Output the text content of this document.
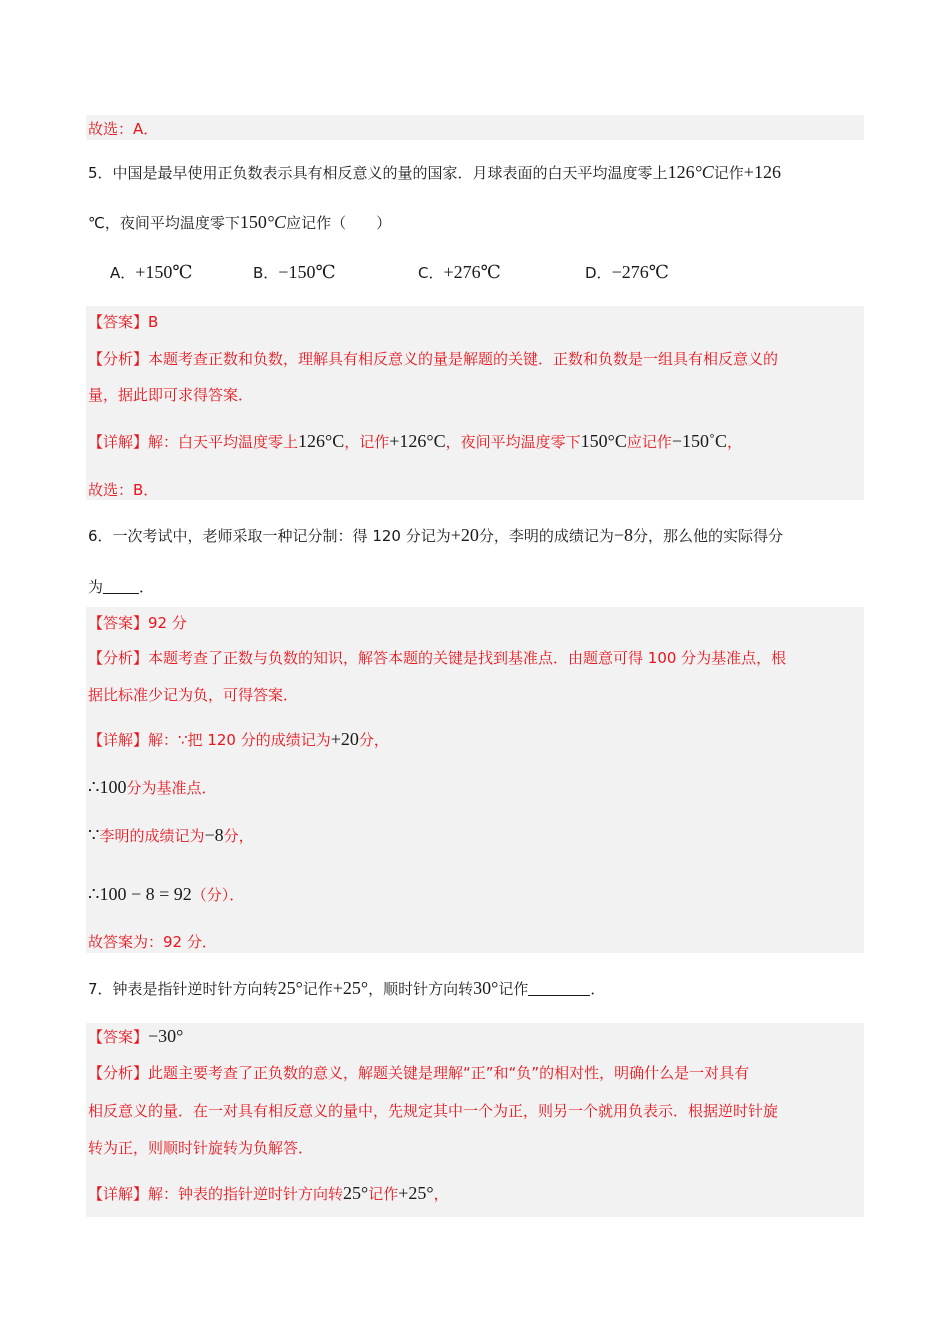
故选：A．
5．中国是最早使用正负数表示具有相反意义的量的国家．月球表面的白天平均温度零上126°C记作+126
℃，夜间平均温度零下150°C应记作（　　）
A．+150℃	B．−150℃	C．+276℃	D．−276℃
【答案】B
【分析】本题考查正数和负数，理解具有相反意义的量是解题的关键．正数和负数是一组具有相反意义的
量，据此即可求得答案．
【详解】解：白天平均温度零上126°C，记作+126°C，夜间平均温度零下150°C应记作−150˚C，
故选：B．
6．一次考试中，老师采取一种记分制：得 120 分记为+20分，李明的成绩记为−8分，那么他的实际得分
为 ．
【答案】92 分
【分析】本题考查了正数与负数的知识，解答本题的关键是找到基准点．由题意可得 100 分为基准点，根
据比标准少记为负，可得答案．
【详解】解：∵把 120 分的成绩记为+20分，
∴100分为基准点．
∵李明的成绩记为−8分，
∴100 − 8 = 92（分）．
故答案为：92 分．
7．钟表是指针逆时针方向转25°记作+25°，顺时针方向转30°记作	．
【答案】−30°
【分析】此题主要考查了正负数的意义，解题关键是理解“正”和“负”的相对性，明确什么是一对具有
相反意义的量．在一对具有相反意义的量中，先规定其中一个为正，则另一个就用负表示．根据逆时针旋
转为正，则顺时针旋转为负解答．
【详解】解：钟表的指针逆时针方向转25°记作+25°，
